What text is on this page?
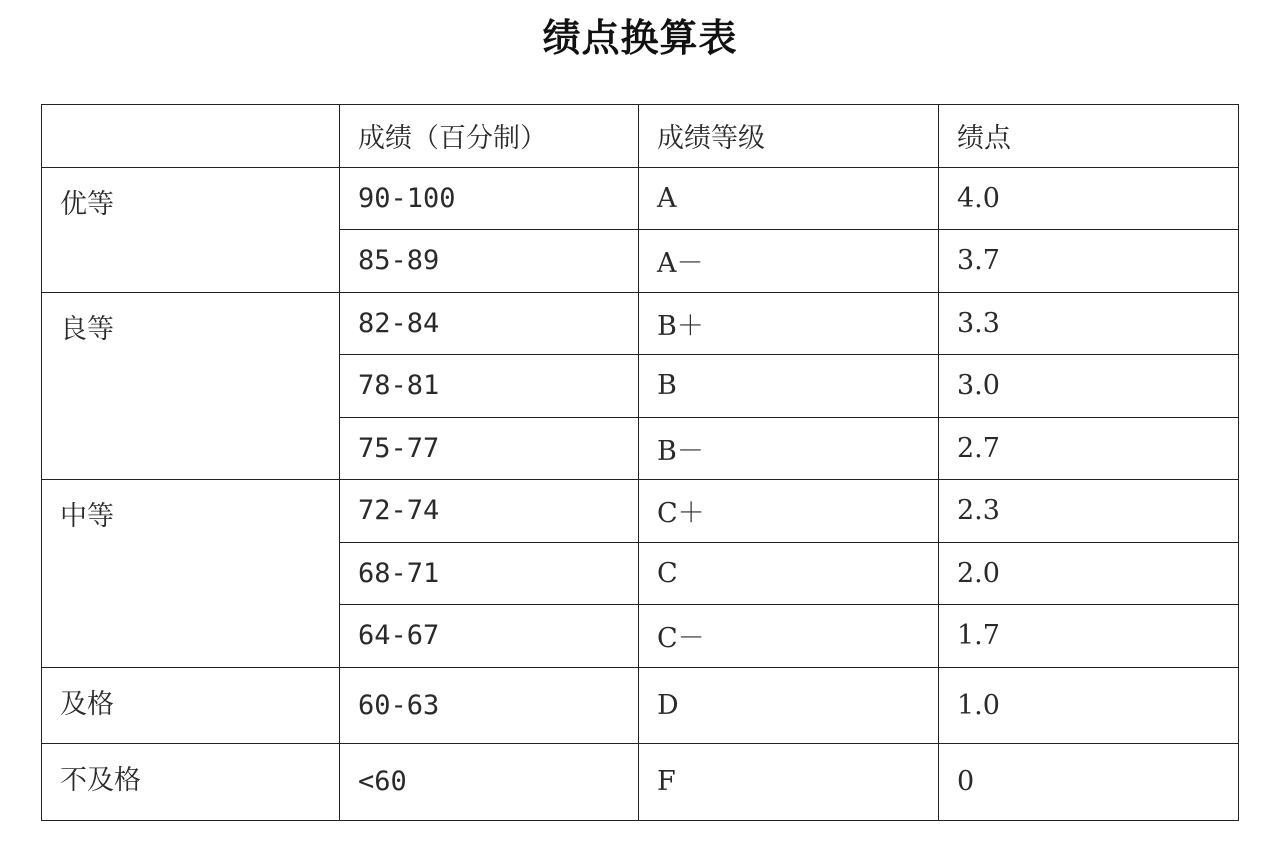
绩点换算表
	成绩（百分制）	成绩等级	绩点
优等	90-100	A	4.0
	85-89	A－	3.7
良等	82-84	B＋	3.3
	78-81	B	3.0
	75-77	B－	2.7
中等	72-74	C＋	2.3
	68-71	C	2.0
	64-67	C－	1.7
及格	60-63	D	1.0
不及格	<60	F	0
